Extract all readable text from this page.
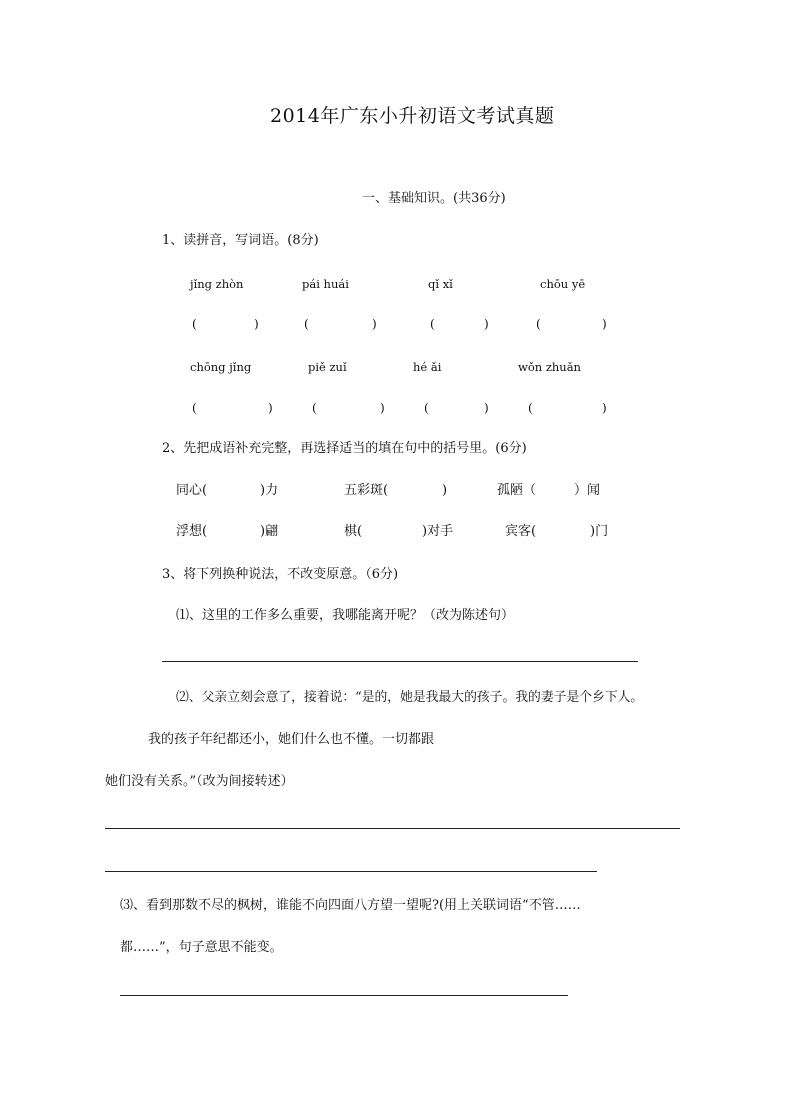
2014年广东小升初语文考试真题
一、基础知识。(共36分)
1、读拼音，写词语。(8分)
jǐng zhòn	pái huái	qǐ xǐ	chōu yē
(	)	(	)	(	)	(	)
chōng jǐng	piě zuǐ	hé ǎi	wǒn zhuǎn
(	)	(	)	(	)	(	)
2、先把成语补充完整，再选择适当的填在句中的括号里。(6分)
同心(	)力	五彩斑(	)	孤陋（	）闻
浮想(	)翩	棋(	)对手	宾客(	)门
3、将下列换种说法，不改变原意。（6分)
⑴、这里的工作多么重要，我哪能离开呢？（改为陈述句）
⑵、父亲立刻会意了，接着说：“是的，她是我最大的孩子。我的妻子是个乡下人。
我的孩子年纪都还小，她们什么也不懂。一切都跟
她们没有关系。”（改为间接转述）
⑶、看到那数不尽的枫树，谁能不向四面八方望一望呢?(用上关联词语“不管……
都……”，句子意思不能变。
